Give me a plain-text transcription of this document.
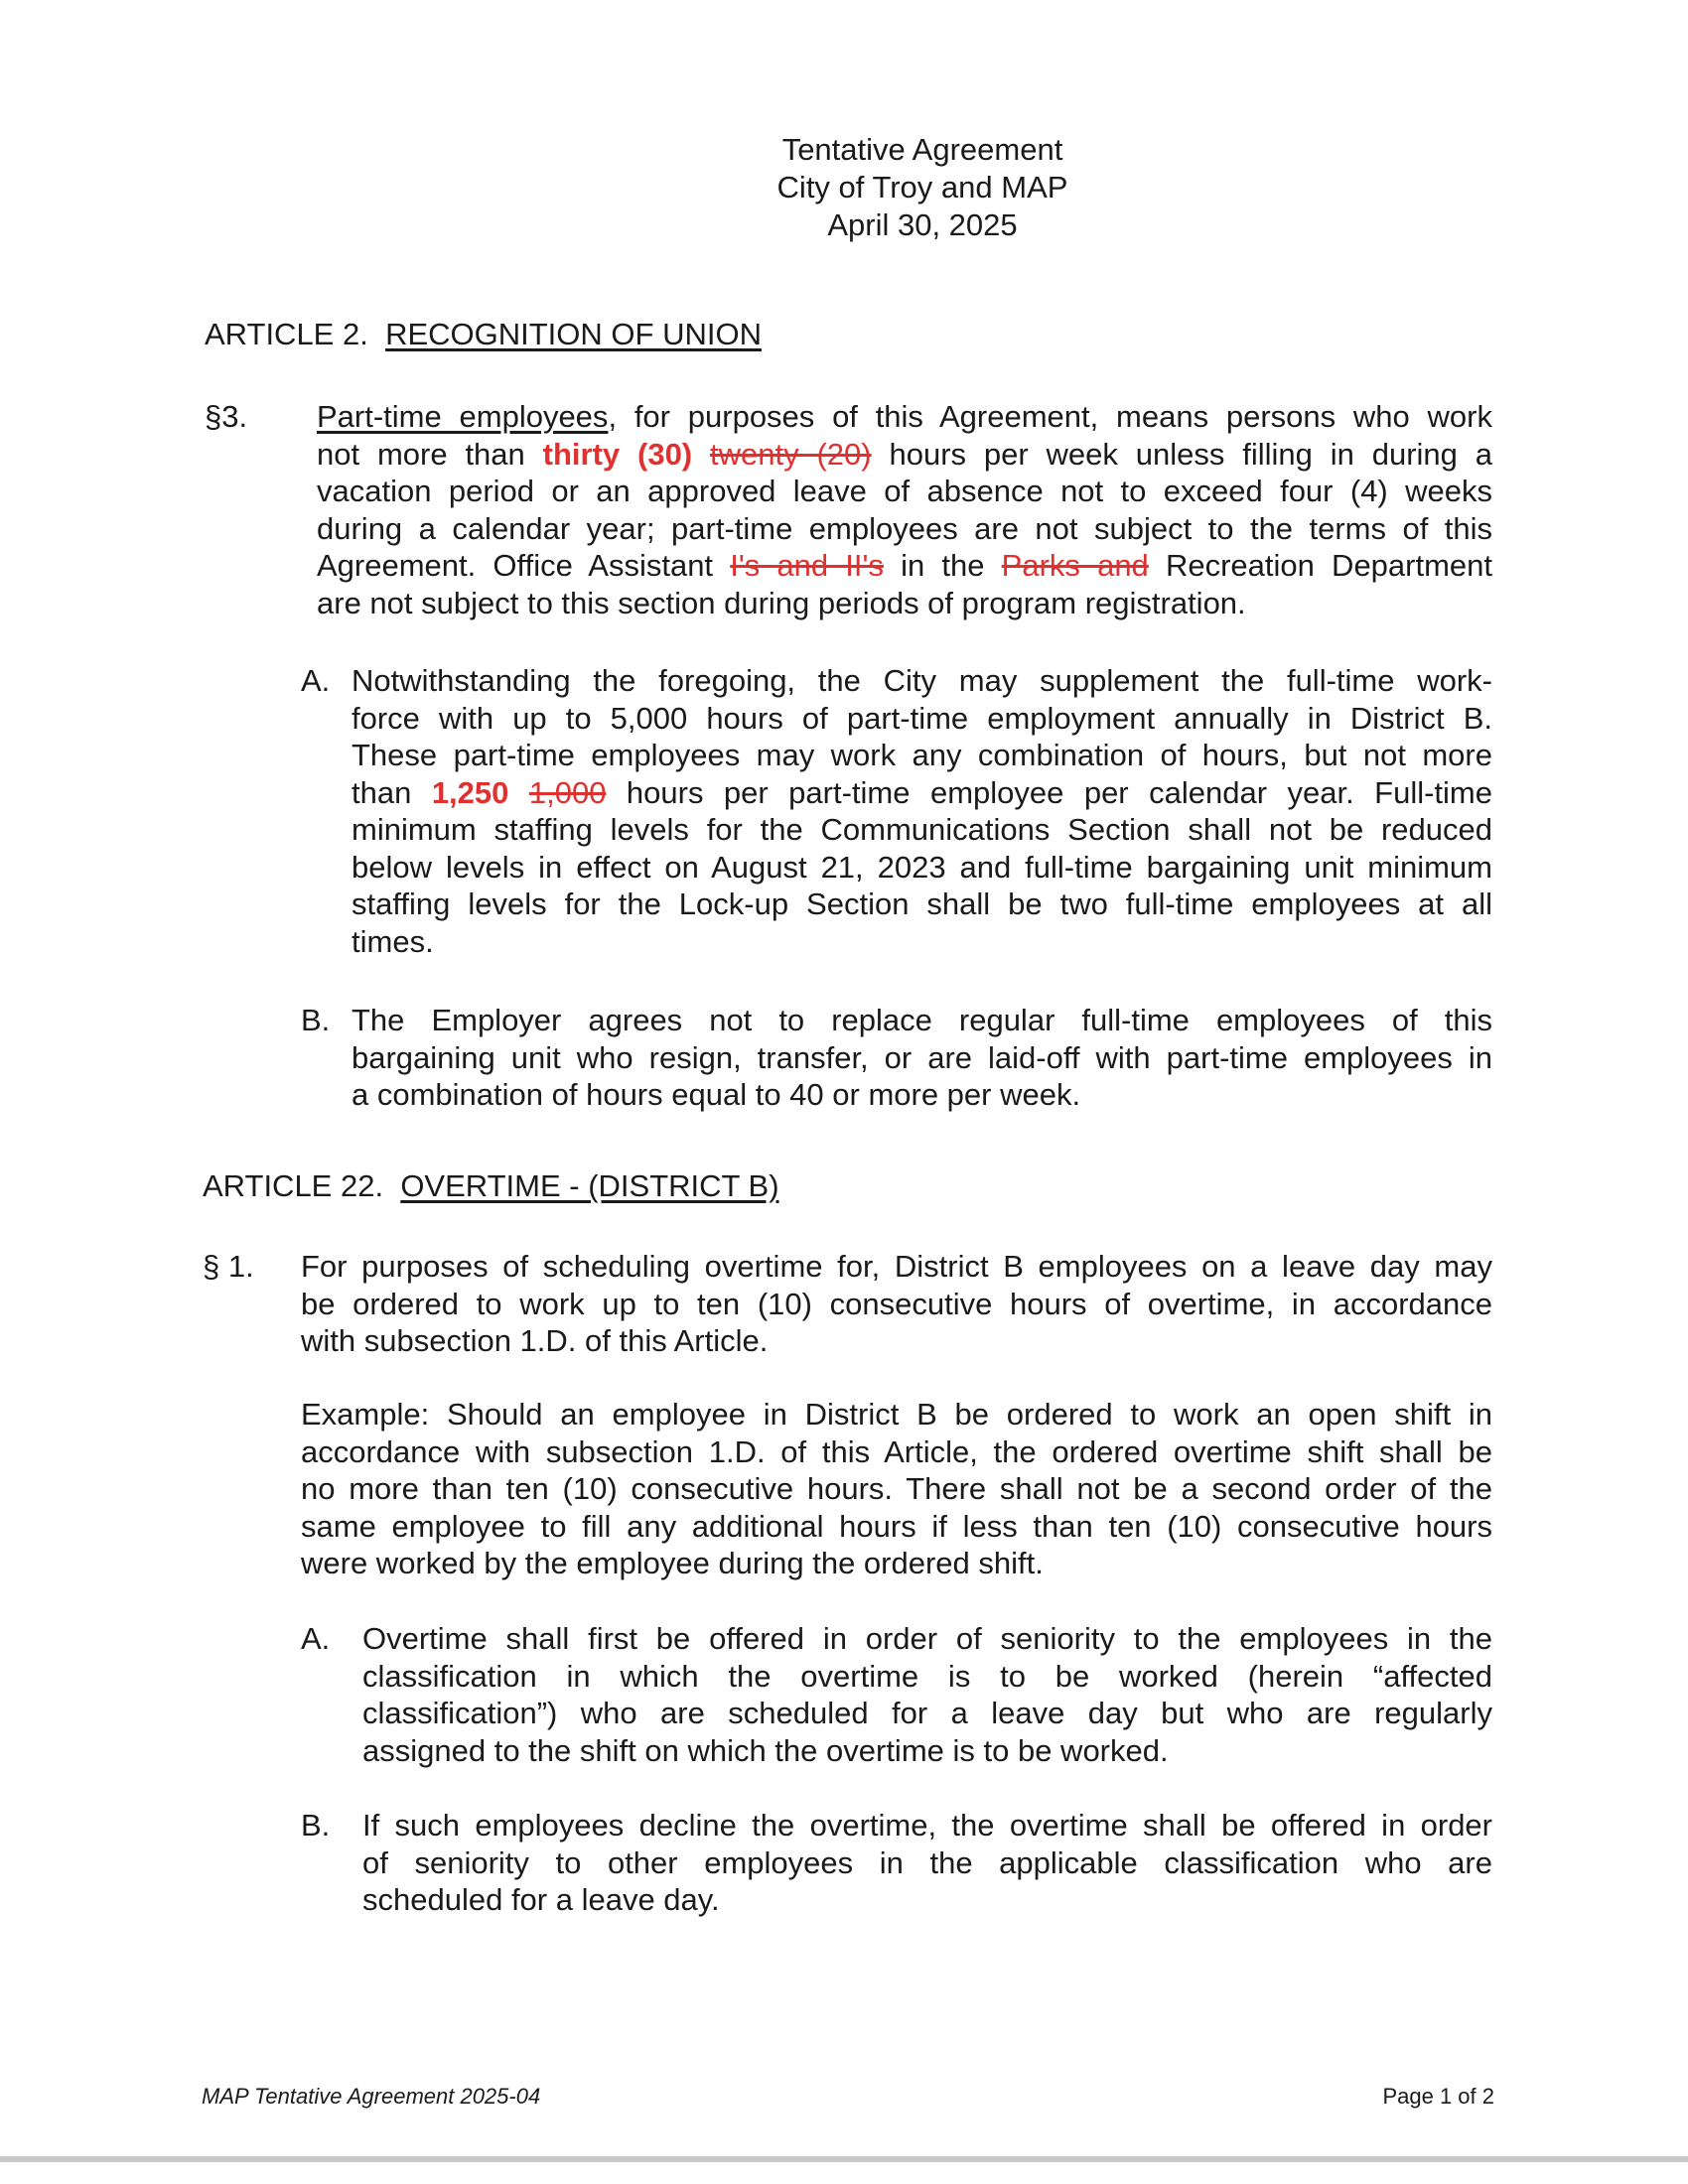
Tentative Agreement
City of Troy and MAP
April 30, 2025
ARTICLE 2. RECOGNITION OF UNION
§3. Part-time employees, for purposes of this Agreement, means persons who work
not more than thirty (30) twenty (20) hours per week unless filling in during a
vacation period or an approved leave of absence not to exceed four (4) weeks
during a calendar year; part-time employees are not subject to the terms of this
Agreement. Office Assistant I's and II's in the Parks and Recreation Department
are not subject to this section during periods of program registration.
A. Notwithstanding the foregoing, the City may supplement the full-time work-
force with up to 5,000 hours of part-time employment annually in District B.
These part-time employees may work any combination of hours, but not more
than 1,250 1,000 hours per part-time employee per calendar year. Full-time
minimum staffing levels for the Communications Section shall not be reduced
below levels in effect on August 21, 2023 and full-time bargaining unit minimum
staffing levels for the Lock-up Section shall be two full-time employees at all
times.
B. The Employer agrees not to replace regular full-time employees of this
bargaining unit who resign, transfer, or are laid-off with part-time employees in
a combination of hours equal to 40 or more per week.
ARTICLE 22. OVERTIME - (DISTRICT B)
§ 1. For purposes of scheduling overtime for, District B employees on a leave day may
be ordered to work up to ten (10) consecutive hours of overtime, in accordance
with subsection 1.D. of this Article.
Example: Should an employee in District B be ordered to work an open shift in
accordance with subsection 1.D. of this Article, the ordered overtime shift shall be
no more than ten (10) consecutive hours. There shall not be a second order of the
same employee to fill any additional hours if less than ten (10) consecutive hours
were worked by the employee during the ordered shift.
A. Overtime shall first be offered in order of seniority to the employees in the
classification in which the overtime is to be worked (herein “affected
classification”) who are scheduled for a leave day but who are regularly
assigned to the shift on which the overtime is to be worked.
B. If such employees decline the overtime, the overtime shall be offered in order
of seniority to other employees in the applicable classification who are
scheduled for a leave day.
MAP Tentative Agreement 2025-04	Page 1 of 2
